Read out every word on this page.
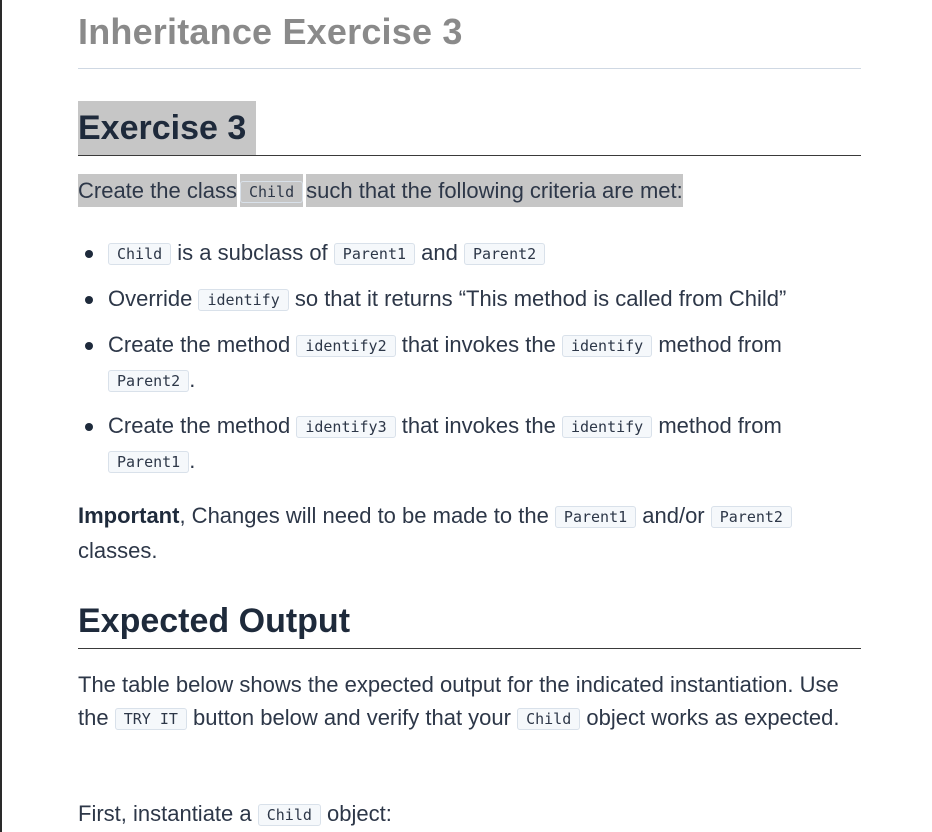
Inheritance Exercise 3
Exercise 3

Create the class Child such that the following criteria are met:

Child is a subclass of Parent1 and Parent2
Override identify so that it returns “This method is called from Child”
Create the method identify2 that invokes the identify method from Parent2 .
Create the method identify3 that invokes the identify method from Parent1 .

Important, Changes will need to be made to the Parent1 and/or Parent2 classes.

Expected Output

The table below shows the expected output for the indicated instantiation. Use the TRY IT button below and verify that your Child object works as expected.

First, instantiate a Child object:
